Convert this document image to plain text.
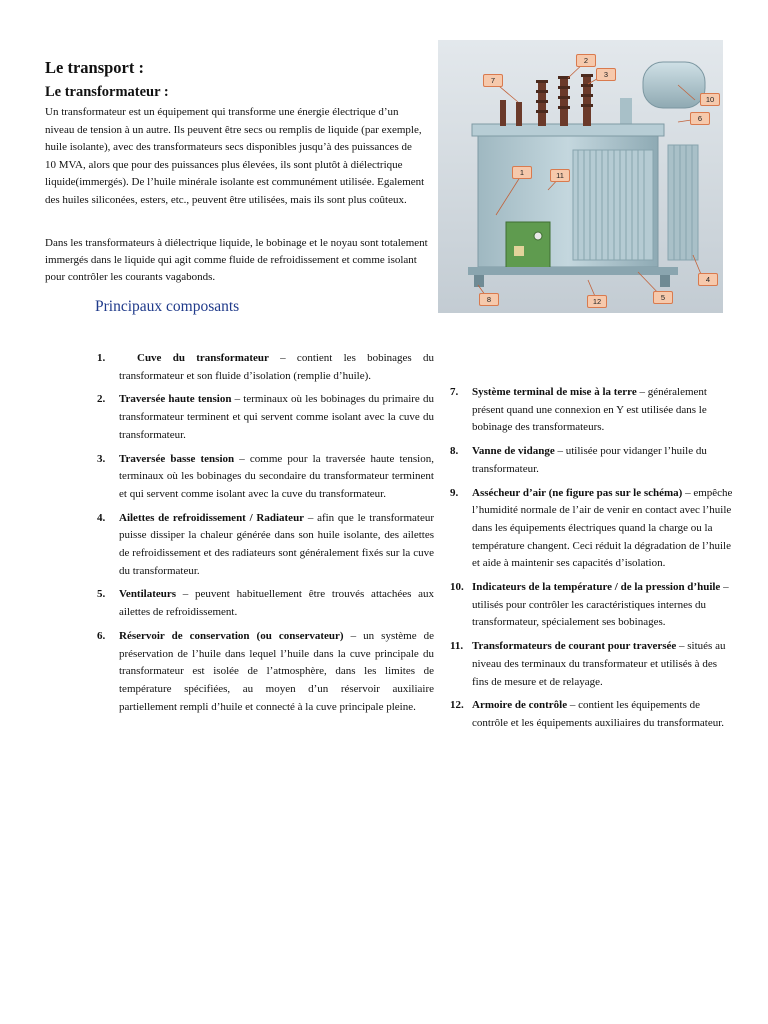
Le transport :
Le transformateur :

Un transformateur est un équipement qui transforme une énergie électrique d’un niveau de tension à un autre. Ils peuvent être secs ou remplis de liquide (par exemple, huile isolante), avec des transformateurs secs disponibles jusqu’à des puissances de 10 MVA, alors que pour des puissances plus élevées, ils sont plutôt à diélectrique liquide(immergés). De l’huile minérale isolante est communément utilisée. Egalement des huiles siliconées, esters, etc., peuvent être utilisées, mais ils sont plus coûteux.

Dans les transformateurs à diélectrique liquide, le bobinage et le noyau sont totalement immergés dans le liquide qui agit comme fluide de refroidissement et comme isolant pour contrôler les courants vagabonds.

Principaux composants
7
2
3
10
6
1	11
4
5
8	12
1.	Cuve du transformateur – contient les bobinages du transformateur et son fluide d’isolation (remplie d’huile).
2. Traversée haute tension – terminaux où les bobinages du primaire du transformateur terminent et qui servent comme isolant avec la cuve du transformateur.
3. Traversée basse tension – comme pour la traversée haute tension, terminaux où les bobinages du secondaire du transformateur terminent et qui servent comme isolant avec la cuve du transformateur.
4. Ailettes de refroidissement / Radiateur – afin que le transformateur puisse dissiper la chaleur générée dans son huile isolante, des ailettes de refroidissement et des radiateurs sont généralement fixés sur la cuve du transformateur.
5. Ventilateurs – peuvent habituellement être trouvés attachées aux ailettes de refroidissement.
6. Réservoir de conservation (ou conservateur) – un système de préservation de l’huile dans lequel l’huile dans la cuve principale du transformateur est isolée de l’atmosphère, dans les limites de température spécifiées, au moyen d’un réservoir auxiliaire partiellement rempli d’huile et connecté à la cuve principale pleine.
7. Système terminal de mise à la terre – généralement présent quand une connexion en Y est utilisée dans le bobinage des transformateurs.
8. Vanne de vidange – utilisée pour vidanger l’huile du transformateur.
9. Assécheur d’air (ne figure pas sur le schéma) – empêche l’humidité normale de l’air de venir en contact avec l’huile dans les équipements électriques quand la charge ou la température changent. Ceci réduit la dégradation de l’huile et aide à maintenir ses capacités d’isolation.
10. Indicateurs de la température / de la pression d’huile – utilisés pour contrôler les caractéristiques internes du transformateur, spécialement ses bobinages.
11. Transformateurs de courant pour traversée – situés au niveau des terminaux du transformateur et utilisés à des fins de mesure et de relayage.
12. Armoire de contrôle – contient les équipements de contrôle et les équipements auxiliaires du transformateur.
